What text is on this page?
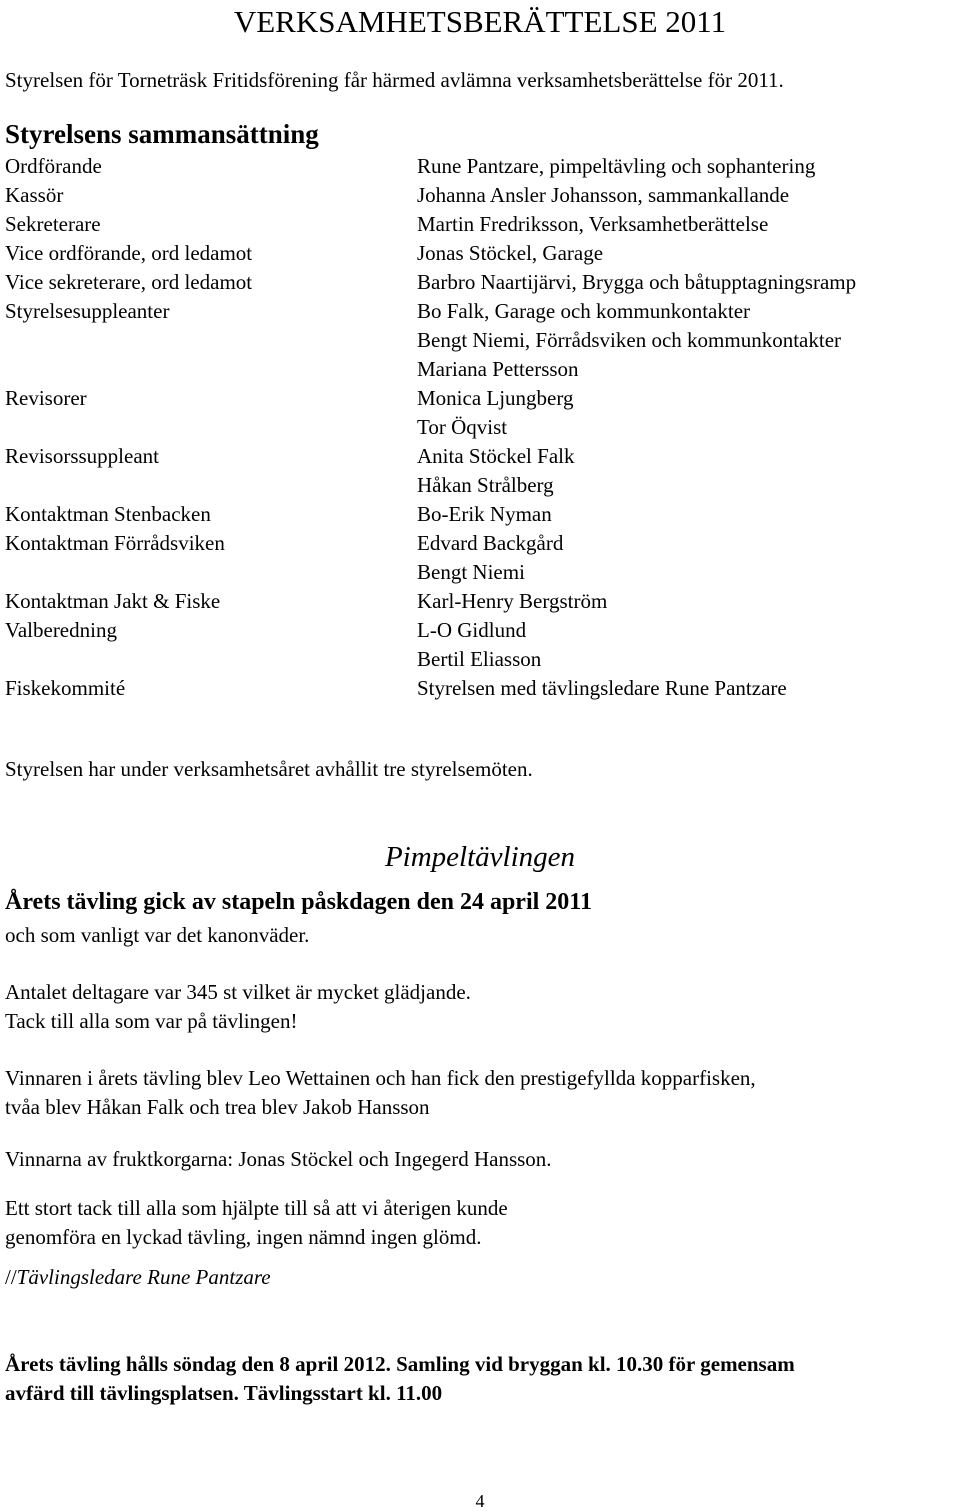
VERKSAMHETSBERÄTTELSE 2011
Styrelsen för Torneträsk Fritidsförening får härmed avlämna verksamhetsberättelse för 2011.
Styrelsens sammansättning
Ordförande
Kassör
Sekreterare
Vice ordförande, ord ledamot
Vice sekreterare, ord ledamot
Styrelsesuppleanter
Revisorer
Revisorssuppleant
Kontaktman Stenbacken
Kontaktman Förrådsviken
Kontaktman Jakt & Fiske
Valberedning
Fiskekommité
Rune Pantzare, pimpeltävling och sophantering
Johanna Ansler Johansson, sammankallande
Martin Fredriksson, Verksamhetberättelse
Jonas Stöckel, Garage
Barbro Naartijärvi, Brygga och båtupptagningsramp
Bo Falk, Garage och kommunkontakter
Bengt Niemi, Förrådsviken och kommunkontakter
Mariana Pettersson
Monica Ljungberg
Tor Öqvist
Anita Stöckel Falk
Håkan Strålberg
Bo-Erik Nyman
Edvard Backgård
Bengt Niemi
Karl-Henry Bergström
L-O Gidlund
Bertil Eliasson
Styrelsen med tävlingsledare Rune Pantzare
Styrelsen har under verksamhetsåret avhållit tre styrelsemöten.
Pimpeltävlingen
Årets tävling gick av stapeln påskdagen den 24 april 2011
och som vanligt var det kanonväder.
Antalet deltagare var 345 st vilket är mycket glädjande.
Tack till alla som var på tävlingen!
Vinnaren i årets tävling blev Leo Wettainen och han fick den prestigefyllda kopparfisken,
tvåa blev Håkan Falk och trea blev Jakob Hansson
Vinnarna av fruktkorgarna: Jonas Stöckel och Ingegerd Hansson.
Ett stort tack till alla som hjälpte till så att vi återigen kunde
genomföra en lyckad tävling, ingen nämnd ingen glömd.
//Tävlingsledare Rune Pantzare
Årets tävling hålls söndag den 8 april 2012. Samling vid bryggan kl. 10.30 för gemensam
avfärd till tävlingsplatsen. Tävlingsstart kl. 11.00
4
